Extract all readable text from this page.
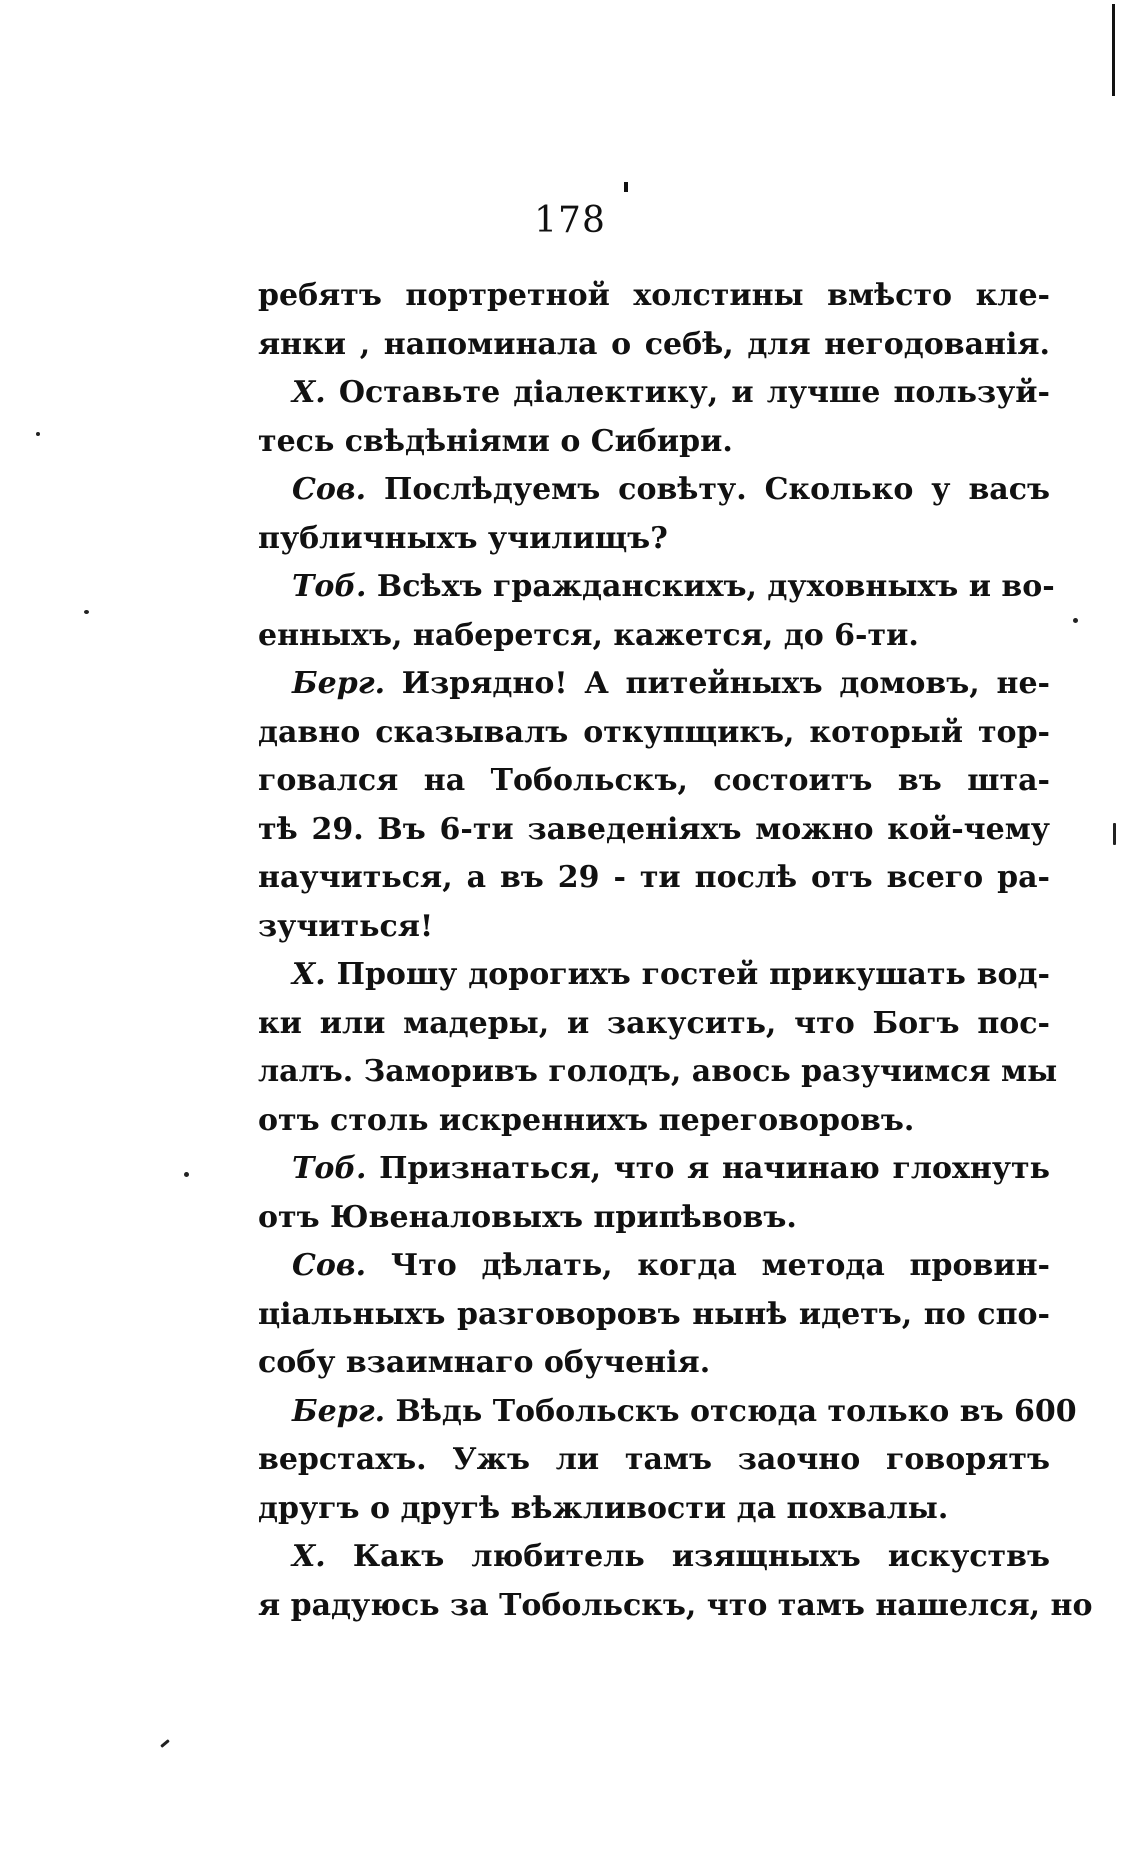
178
ребятъ портретной холстины вмѣсто кле-
янки , напоминала о себѣ, для негодованія.
Х. Оставьте діалектику, и лучше пользуй-
тесь свѣдѣніями о Сибири.
Сов. Послѣдуемъ совѣту. Сколько у васъ
публичныхъ училищъ?
Тоб. Всѣхъ гражданскихъ, духовныхъ и во-
енныхъ, наберется, кажется, до 6-ти.
Берг. Изрядно! А питейныхъ домовъ, не-
давно сказывалъ откупщикъ, который тор-
говался на Тобольскъ, состоитъ въ шта-
тѣ 29. Въ 6-ти заведеніяхъ можно кой-чему
научиться, а въ 29 - ти послѣ отъ всего ра-
зучиться!
Х. Прошу дорогихъ гостей прикушать вод-
ки или мадеры, и закусить, что Богъ пос-
лалъ. Заморивъ голодъ, авось разучимся мы
отъ столь искреннихъ переговоровъ.
Тоб. Признаться, что я начинаю глохнуть
отъ Ювеналовыхъ припѣвовъ.
Сов. Что дѣлать, когда метода провин-
ціальныхъ разговоровъ нынѣ идетъ, по спо-
собу взаимнаго обученія.
Берг. Вѣдь Тобольскъ отсюда только въ 600
верстахъ. Ужъ ли тамъ заочно говорятъ
другъ о другѣ вѣжливости да похвалы.
Х. Какъ любитель изящныхъ искуствъ
я радуюсь за Тобольскъ, что тамъ нашелся, но
